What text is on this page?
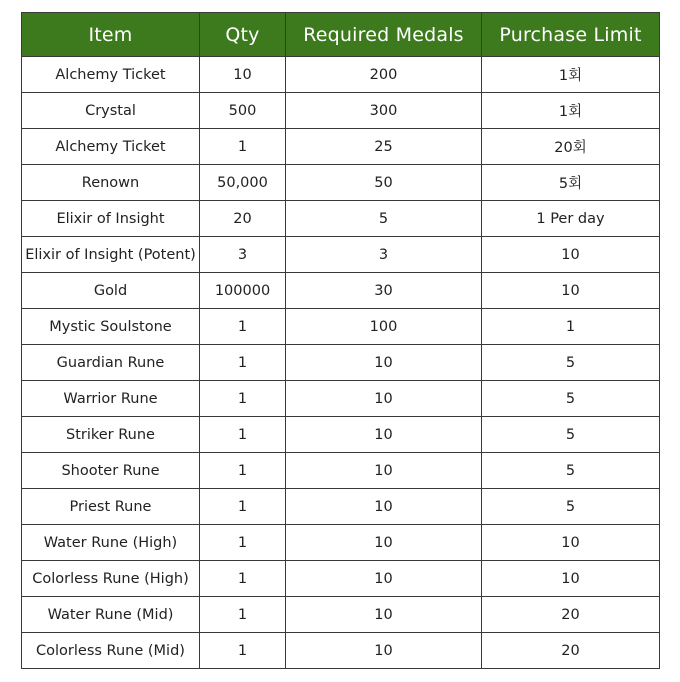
Item	Qty	Required Medals	Purchase Limit
Alchemy Ticket	10	200	1회
Crystal	500	300	1회
Alchemy Ticket	1	25	20회
Renown	50,000	50	5회
Elixir of Insight	20	5	1 Per day
Elixir of Insight (Potent)	3	3	10
Gold	100000	30	10
Mystic Soulstone	1	100	1
Guardian Rune	1	10	5
Warrior Rune	1	10	5
Striker Rune	1	10	5
Shooter Rune	1	10	5
Priest Rune	1	10	5
Water Rune (High)	1	10	10
Colorless Rune (High)	1	10	10
Water Rune (Mid)	1	10	20
Colorless Rune (Mid)	1	10	20
